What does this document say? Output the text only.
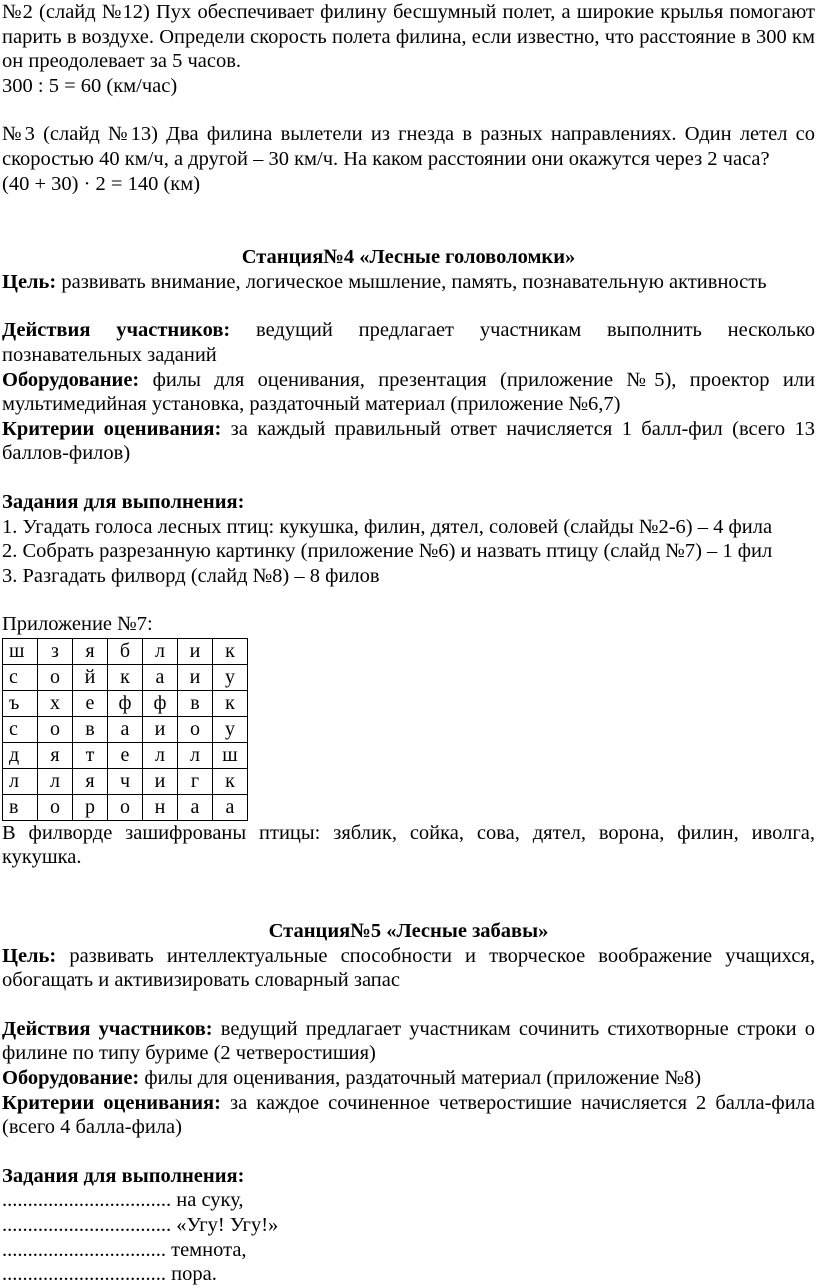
№2 (слайд №12) Пух обеспечивает филину бесшумный полет, а широкие крылья помогают парить в воздухе. Определи скорость полета филина, если известно, что расстояние в 300 км он преодолевает за 5 часов.

300 : 5 = 60 (км/час)

№3 (слайд №13) Два филина вылетели из гнезда в разных направлениях. Один летел со скоростью 40 км/ч, а другой – 30 км/ч. На каком расстоянии они окажутся через 2 часа?

(40 + 30) · 2 = 140 (км)

Станция№4 «Лесные головоломки»

Цель: развивать внимание, логическое мышление, память, познавательную активность

Действия участников: ведущий предлагает участникам выполнить несколько познавательных заданий

Оборудование: филы для оценивания, презентация (приложение №5), проектор или мультимедийная установка, раздаточный материал (приложение №6,7)

Критерии оценивания: за каждый правильный ответ начисляется 1 балл-фил (всего 13 баллов-филов)

Задания для выполнения:

1. Угадать голоса лесных птиц: кукушка, филин, дятел, соловей (слайды №2-6) – 4 фила

2. Собрать разрезанную картинку (приложение №6) и назвать птицу (слайд №7) – 1 фил

3. Разгадать филворд (слайд №8) – 8 филов

Приложение №7:

ш	з	я	б	л	и	к
с	о	й	к	а	и	у
ъ	х	е	ф	ф	в	к
с	о	в	а	и	о	у
д	я	т	е	л	л	ш
л	л	я	ч	и	г	к
в	о	р	о	н	а	а

В филворде зашифрованы птицы: зяблик, сойка, сова, дятел, ворона, филин, иволга, кукушка.

Станция№5 «Лесные забавы»

Цель: развивать интеллектуальные способности и творческое воображение учащихся, обогащать и активизировать словарный запас

Действия участников: ведущий предлагает участникам сочинить стихотворные строки о филине по типу буриме (2 четверостишия)

Оборудование: филы для оценивания, раздаточный материал (приложение №8)

Критерии оценивания: за каждое сочиненное четверостишие начисляется 2 балла-фила (всего 4 балла-фила)

Задания для выполнения:

................................. на суку,

................................. «Угу! Угу!»

................................ темнота,

................................ пора.
